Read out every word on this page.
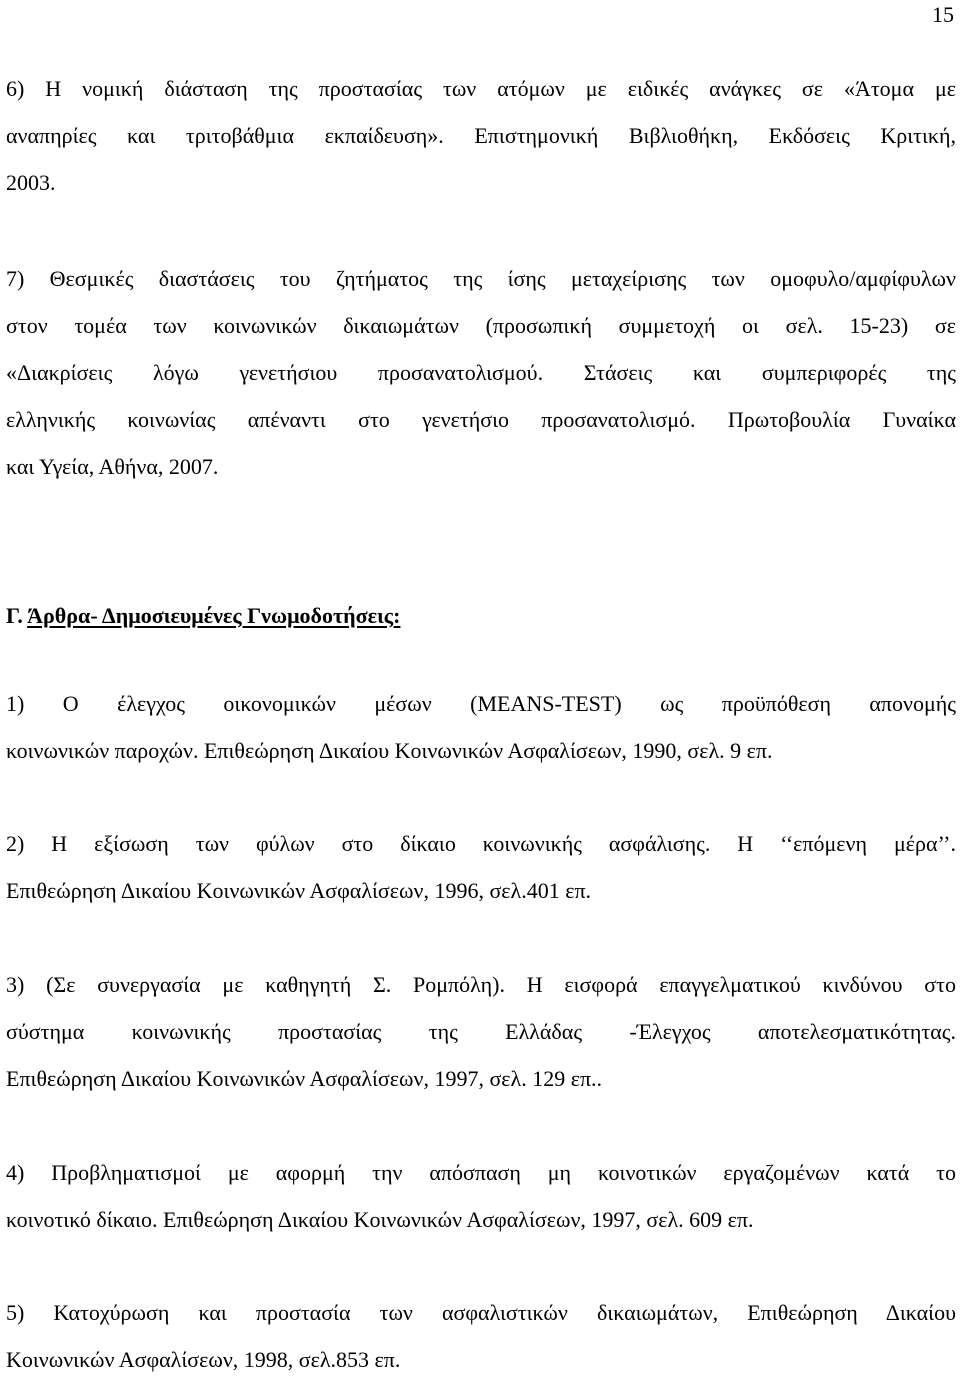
15
6) Η νομική διάσταση της προστασίας των ατόμων με ειδικές ανάγκες σε «Άτομα με
αναπηρίες και τριτοβάθμια εκπαίδευση». Επιστημονική Βιβλιοθήκη, Εκδόσεις Κριτική,
2003.
7) Θεσμικές διαστάσεις του ζητήματος της ίσης μεταχείρισης των ομοφυλο/αμφίφυλων
στον τομέα των κοινωνικών δικαιωμάτων (προσωπική συμμετοχή οι σελ. 15-23) σε
«Διακρίσεις λόγω γενετήσιου προσανατολισμού. Στάσεις και συμπεριφορές της
ελληνικής κοινωνίας απέναντι στο γενετήσιο προσανατολισμό. Πρωτοβουλία Γυναίκα
και Υγεία, Αθήνα, 2007.
Γ. Άρθρα- Δημοσιευμένες Γνωμοδοτήσεις:
1) Ο έλεγχος οικονομικών μέσων (MEANS-TEST) ως προϋπόθεση απονομής
κοινωνικών παροχών. Επιθεώρηση Δικαίου Κοινωνικών Ασφαλίσεων, 1990, σελ. 9 επ.
2) Η εξίσωση των φύλων στο δίκαιο κοινωνικής ασφάλισης. Η ‘‘επόμενη μέρα’’.
Επιθεώρηση Δικαίου Κοινωνικών Ασφαλίσεων, 1996, σελ.401 επ.
3) (Σε συνεργασία με καθηγητή Σ. Ρομπόλη). Η εισφορά επαγγελματικού κινδύνου στο
σύστημα κοινωνικής προστασίας της Ελλάδας -Έλεγχος αποτελεσματικότητας.
Επιθεώρηση Δικαίου Κοινωνικών Ασφαλίσεων, 1997, σελ. 129 επ..
4) Προβληματισμοί με αφορμή την απόσπαση μη κοινοτικών εργαζομένων κατά το
κοινοτικό δίκαιο. Επιθεώρηση Δικαίου Κοινωνικών Ασφαλίσεων, 1997, σελ. 609 επ.
5) Κατοχύρωση και προστασία των ασφαλιστικών δικαιωμάτων, Επιθεώρηση Δικαίου
Κοινωνικών Ασφαλίσεων, 1998, σελ.853 επ.
